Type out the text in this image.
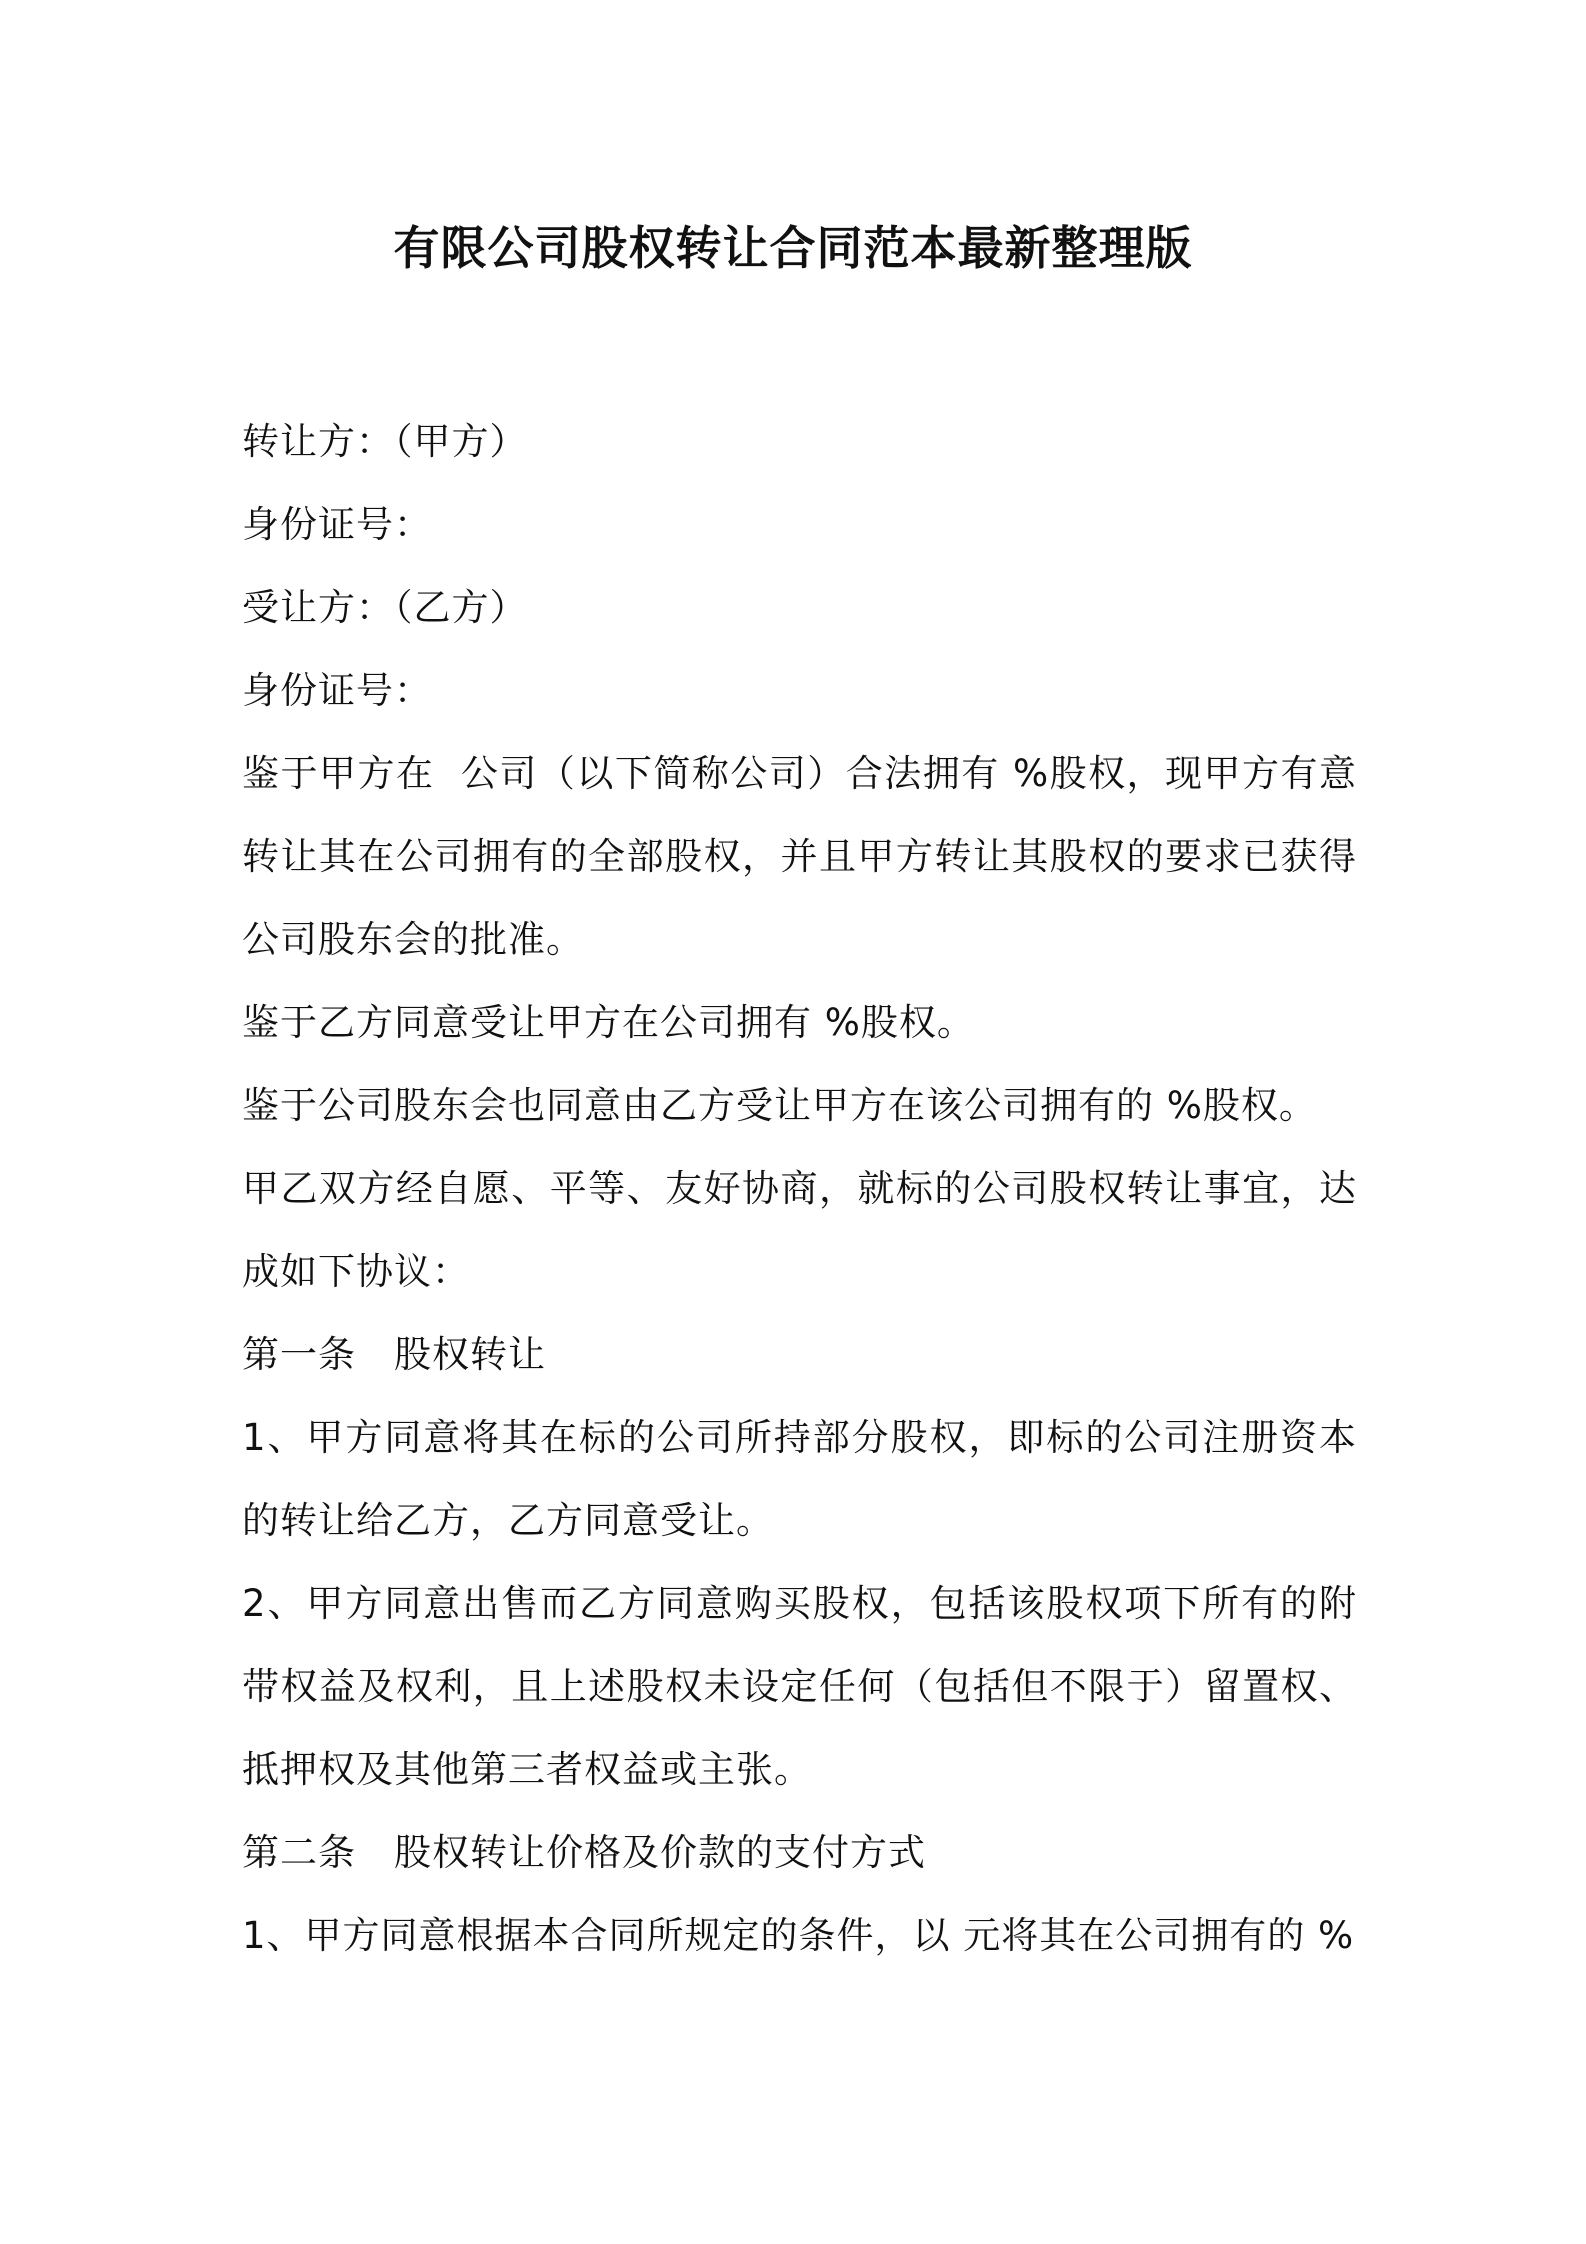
有限公司股权转让合同范本最新整理版

转让方：（甲方）

身份证号：

受让方：（乙方）

身份证号：

鉴于甲方在  公司（以下简称公司）合法拥有 %股权，现甲方有意转让其在公司拥有的全部股权，并且甲方转让其股权的要求已获得公司股东会的批准。

鉴于乙方同意受让甲方在公司拥有 %股权。

鉴于公司股东会也同意由乙方受让甲方在该公司拥有的 %股权。

甲乙双方经自愿、平等、友好协商，就标的公司股权转让事宜，达成如下协议：

第一条　股权转让

1、甲方同意将其在标的公司所持部分股权，即标的公司注册资本的转让给乙方，乙方同意受让。

2、甲方同意出售而乙方同意购买股权，包括该股权项下所有的附带权益及权利，且上述股权未设定任何（包括但不限于）留置权、抵押权及其他第三者权益或主张。

第二条　股权转让价格及价款的支付方式

1、甲方同意根据本合同所规定的条件，以 元将其在公司拥有的 %
